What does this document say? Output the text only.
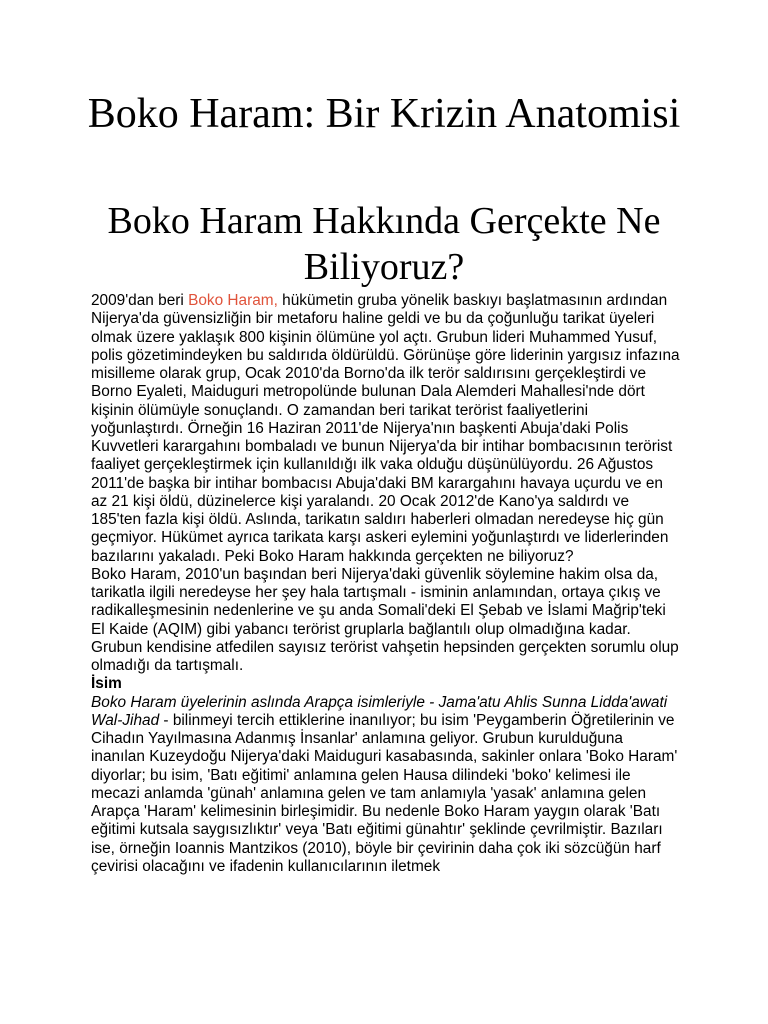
Boko Haram: Bir Krizin Anatomisi
Boko Haram Hakkında Gerçekte Ne Biliyoruz?

2009'dan beri Boko Haram, hükümetin gruba yönelik baskıyı başlatmasının ardından Nijerya'da güvensizliğin bir metaforu haline geldi ve bu da çoğunluğu tarikat üyeleri olmak üzere yaklaşık 800 kişinin ölümüne yol açtı. Grubun lideri Muhammed Yusuf, polis gözetimindeyken bu saldırıda öldürüldü. Görünüşe göre liderinin yargısız infazına misilleme olarak grup, Ocak 2010'da Borno'da ilk terör saldırısını gerçekleştirdi ve Borno Eyaleti, Maiduguri metropolünde bulunan Dala Alemderi Mahallesi'nde dört kişinin ölümüyle sonuçlandı. O zamandan beri tarikat terörist faaliyetlerini yoğunlaştırdı. Örneğin 16 Haziran 2011'de Nijerya'nın başkenti Abuja'daki Polis Kuvvetleri karargahını bombaladı ve bunun Nijerya'da bir intihar bombacısının terörist faaliyet gerçekleştirmek için kullanıldığı ilk vaka olduğu düşünülüyordu. 26 Ağustos 2011'de başka bir intihar bombacısı Abuja'daki BM karargahını havaya uçurdu ve en az 21 kişi öldü, düzinelerce kişi yaralandı. 20 Ocak 2012'de Kano'ya saldırdı ve 185'ten fazla kişi öldü. Aslında, tarikatın saldırı haberleri olmadan neredeyse hiç gün geçmiyor. Hükümet ayrıca tarikata karşı askeri eylemini yoğunlaştırdı ve liderlerinden bazılarını yakaladı. Peki Boko Haram hakkında gerçekten ne biliyoruz?

Boko Haram, 2010'un başından beri Nijerya'daki güvenlik söylemine hakim olsa da, tarikatla ilgili neredeyse her şey hala tartışmalı - isminin anlamından, ortaya çıkış ve radikalleşmesinin nedenlerine ve şu anda Somali'deki El Şebab ve İslami Mağrip'teki El Kaide (AQIM) gibi yabancı terörist gruplarla bağlantılı olup olmadığına kadar. Grubun kendisine atfedilen sayısız terörist vahşetin hepsinden gerçekten sorumlu olup olmadığı da tartışmalı.

İsim

Boko Haram üyelerinin aslında Arapça isimleriyle - Jama'atu Ahlis Sunna Lidda'awati Wal-Jihad - bilinmeyi tercih ettiklerine inanılıyor; bu isim 'Peygamberin Öğretilerinin ve Cihadın Yayılmasına Adanmış İnsanlar' anlamına geliyor. Grubun kurulduğuna inanılan Kuzeydoğu Nijerya'daki Maiduguri kasabasında, sakinler onlara 'Boko Haram' diyorlar; bu isim, 'Batı eğitimi' anlamına gelen Hausa dilindeki 'boko' kelimesi ile mecazi anlamda 'günah' anlamına gelen ve tam anlamıyla 'yasak' anlamına gelen Arapça 'Haram' kelimesinin birleşimidir. Bu nedenle Boko Haram yaygın olarak 'Batı eğitimi kutsala saygısızlıktır' veya 'Batı eğitimi günahtır' şeklinde çevrilmiştir. Bazıları ise, örneğin Ioannis Mantzikos (2010), böyle bir çevirinin daha çok iki sözcüğün harf çevirisi olacağını ve ifadenin kullanıcılarının iletmek
